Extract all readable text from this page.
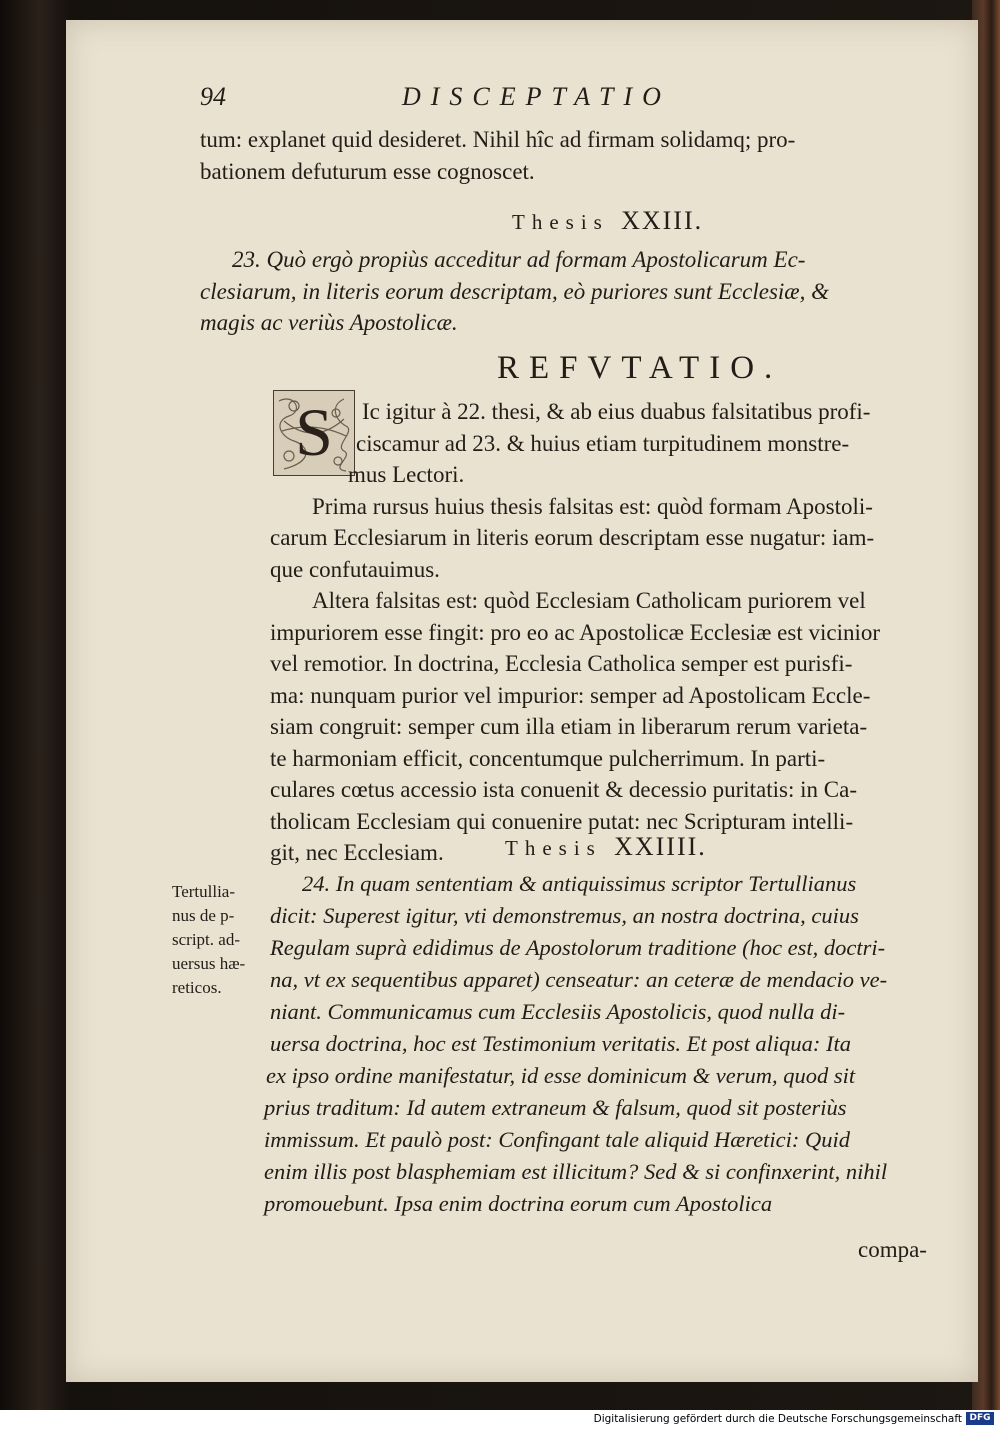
94	DISCEPTATIO
tum: explanet quid desideret. Nihil hîc ad firmam solidamq; pro-
bationem defuturum esse cognoscet.
Thesis XXIII.
23. Quò ergò propiùs acceditur ad formam Apostolicarum Ec-
clesiarum, in literis eorum descriptam, eò puriores sunt Ecclesiæ, &
magis ac veriùs Apostolicæ.
REFVTATIO.
S	Ic igitur à 22. thesi, & ab eius duabus falsitatibus profi-
ciscamur ad 23. & huius etiam turpitudinem monstre-
mus Lectori.
Prima rursus huius thesis falsitas est: quòd formam Apostoli-
carum Ecclesiarum in literis eorum descriptam esse nugatur: iam-
que confutauimus.
Altera falsitas est: quòd Ecclesiam Catholicam puriorem vel
impuriorem esse fingit: pro eo ac Apostolicæ Ecclesiæ est vicinior
vel remotior. In doctrina, Ecclesia Catholica semper est purisfi-
ma: nunquam purior vel impurior: semper ad Apostolicam Eccle-
siam congruit: semper cum illa etiam in liberarum rerum varieta-
te harmoniam efficit, concentumque pulcherrimum. In parti-
culares cœtus accessio ista conuenit & decessio puritatis: in Ca-
tholicam Ecclesiam qui conuenire putat: nec Scripturam intelli-
git, nec Ecclesiam.	Thesis XXIIII.
Tertullia-
nus de p-
script. ad-
uersus hæ-
reticos.
24. In quam sententiam & antiquissimus scriptor Tertullianus
dicit: Superest igitur, vti demonstremus, an nostra doctrina, cuius
Regulam suprà edidimus de Apostolorum traditione (hoc est, doctri-
na, vt ex sequentibus apparet) censeatur: an ceteræ de mendacio ve-
niant. Communicamus cum Ecclesiis Apostolicis, quod nulla di-
uersa doctrina, hoc est Testimonium veritatis. Et post aliqua: Ita
ex ipso ordine manifestatur, id esse dominicum & verum, quod sit
prius traditum: Id autem extraneum & falsum, quod sit posteriùs
immissum. Et paulò post: Confingant tale aliquid Hæretici: Quid
enim illis post blasphemiam est illicitum? Sed & si confinxerint, nihil
promouebunt. Ipsa enim doctrina eorum cum Apostolica
compa-
Digitalisierung gefördert durch die Deutsche Forschungsgemeinschaft DFG
